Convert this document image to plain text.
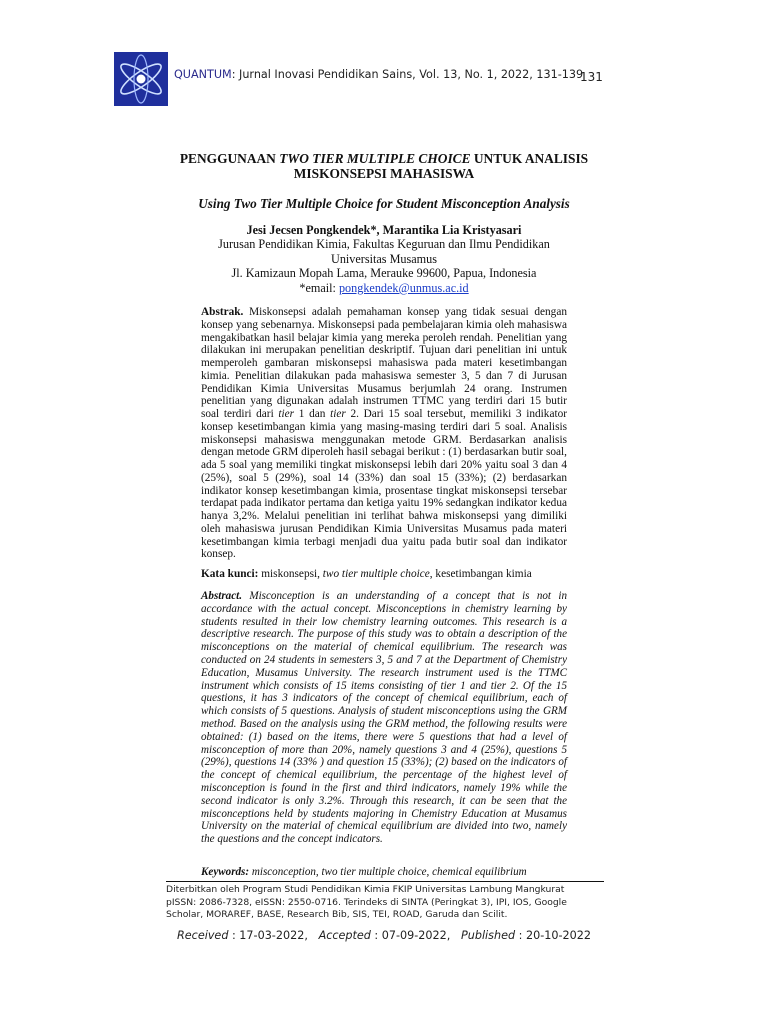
QUANTUM: Jurnal Inovasi Pendidikan Sains, Vol. 13, No. 1, 2022, 131-139
131
PENGGUNAAN TWO TIER MULTIPLE CHOICE UNTUK ANALISIS
MISKONSEPSI MAHASISWA
Using Two Tier Multiple Choice for Student Misconception Analysis
Jesi Jecsen Pongkendek*, Marantika Lia Kristyasari
Jurusan Pendidikan Kimia, Fakultas Keguruan dan Ilmu Pendidikan
Universitas Musamus
Jl. Kamizaun Mopah Lama, Merauke 99600, Papua, Indonesia
*email: pongkendek@unmus.ac.id
Abstrak. Miskonsepsi adalah pemahaman konsep yang tidak sesuai dengan konsep yang sebenarnya. Miskonsepsi pada pembelajaran kimia oleh mahasiswa mengakibatkan hasil belajar kimia yang mereka peroleh rendah. Penelitian yang dilakukan ini merupakan penelitian deskriptif. Tujuan dari penelitian ini untuk memperoleh gambaran miskonsepsi mahasiswa pada materi kesetimbangan kimia. Penelitian dilakukan pada mahasiswa semester 3, 5 dan 7 di Jurusan Pendidikan Kimia Universitas Musamus berjumlah 24 orang. Instrumen penelitian yang digunakan adalah instrumen TTMC yang terdiri dari 15 butir soal terdiri dari tier 1 dan tier 2. Dari 15 soal tersebut, memiliki 3 indikator konsep kesetimbangan kimia yang masing-masing terdiri dari 5 soal. Analisis miskonsepsi mahasiswa menggunakan metode GRM. Berdasarkan analisis dengan metode GRM diperoleh hasil sebagai berikut : (1) berdasarkan butir soal, ada 5 soal yang memiliki tingkat miskonsepsi lebih dari 20% yaitu soal 3 dan 4 (25%), soal 5 (29%), soal 14 (33%) dan soal 15 (33%); (2) berdasarkan indikator konsep kesetimbangan kimia, prosentase tingkat miskonsepsi tersebar terdapat pada indikator pertama dan ketiga yaitu 19% sedangkan indikator kedua hanya 3,2%. Melalui penelitian ini terlihat bahwa miskonsepsi yang dimiliki oleh mahasiswa jurusan Pendidikan Kimia Universitas Musamus pada materi kesetimbangan kimia terbagi menjadi dua yaitu pada butir soal dan indikator konsep.
Kata kunci: miskonsepsi, two tier multiple choice, kesetimbangan kimia
Abstract. Misconception is an understanding of a concept that is not in accordance with the actual concept. Misconceptions in chemistry learning by students resulted in their low chemistry learning outcomes. This research is a descriptive research. The purpose of this study was to obtain a description of the misconceptions on the material of chemical equilibrium. The research was conducted on 24 students in semesters 3, 5 and 7 at the Department of Chemistry Education, Musamus University. The research instrument used is the TTMC instrument which consists of 15 items consisting of tier 1 and tier 2. Of the 15 questions, it has 3 indicators of the concept of chemical equilibrium, each of which consists of 5 questions. Analysis of student misconceptions using the GRM method. Based on the analysis using the GRM method, the following results were obtained: (1) based on the items, there were 5 questions that had a level of misconception of more than 20%, namely questions 3 and 4 (25%), questions 5 (29%), questions 14 (33% ) and question 15 (33%); (2) based on the indicators of the concept of chemical equilibrium, the percentage of the highest level of misconception is found in the first and third indicators, namely 19% while the second indicator is only 3.2%. Through this research, it can be seen that the misconceptions held by students majoring in Chemistry Education at Musamus University on the material of chemical equilibrium are divided into two, namely the questions and the concept indicators.
Keywords: misconception, two tier multiple choice, chemical equilibrium
Diterbitkan oleh Program Studi Pendidikan Kimia FKIP Universitas Lambung Mangkurat
pISSN: 2086-7328, eISSN: 2550-0716. Terindeks di SINTA (Peringkat 3), IPI, IOS, Google Scholar, MORAREF, BASE, Research Bib, SIS, TEI, ROAD, Garuda dan Scilit.
Received : 17-03-2022, Accepted : 07-09-2022, Published : 20-10-2022
